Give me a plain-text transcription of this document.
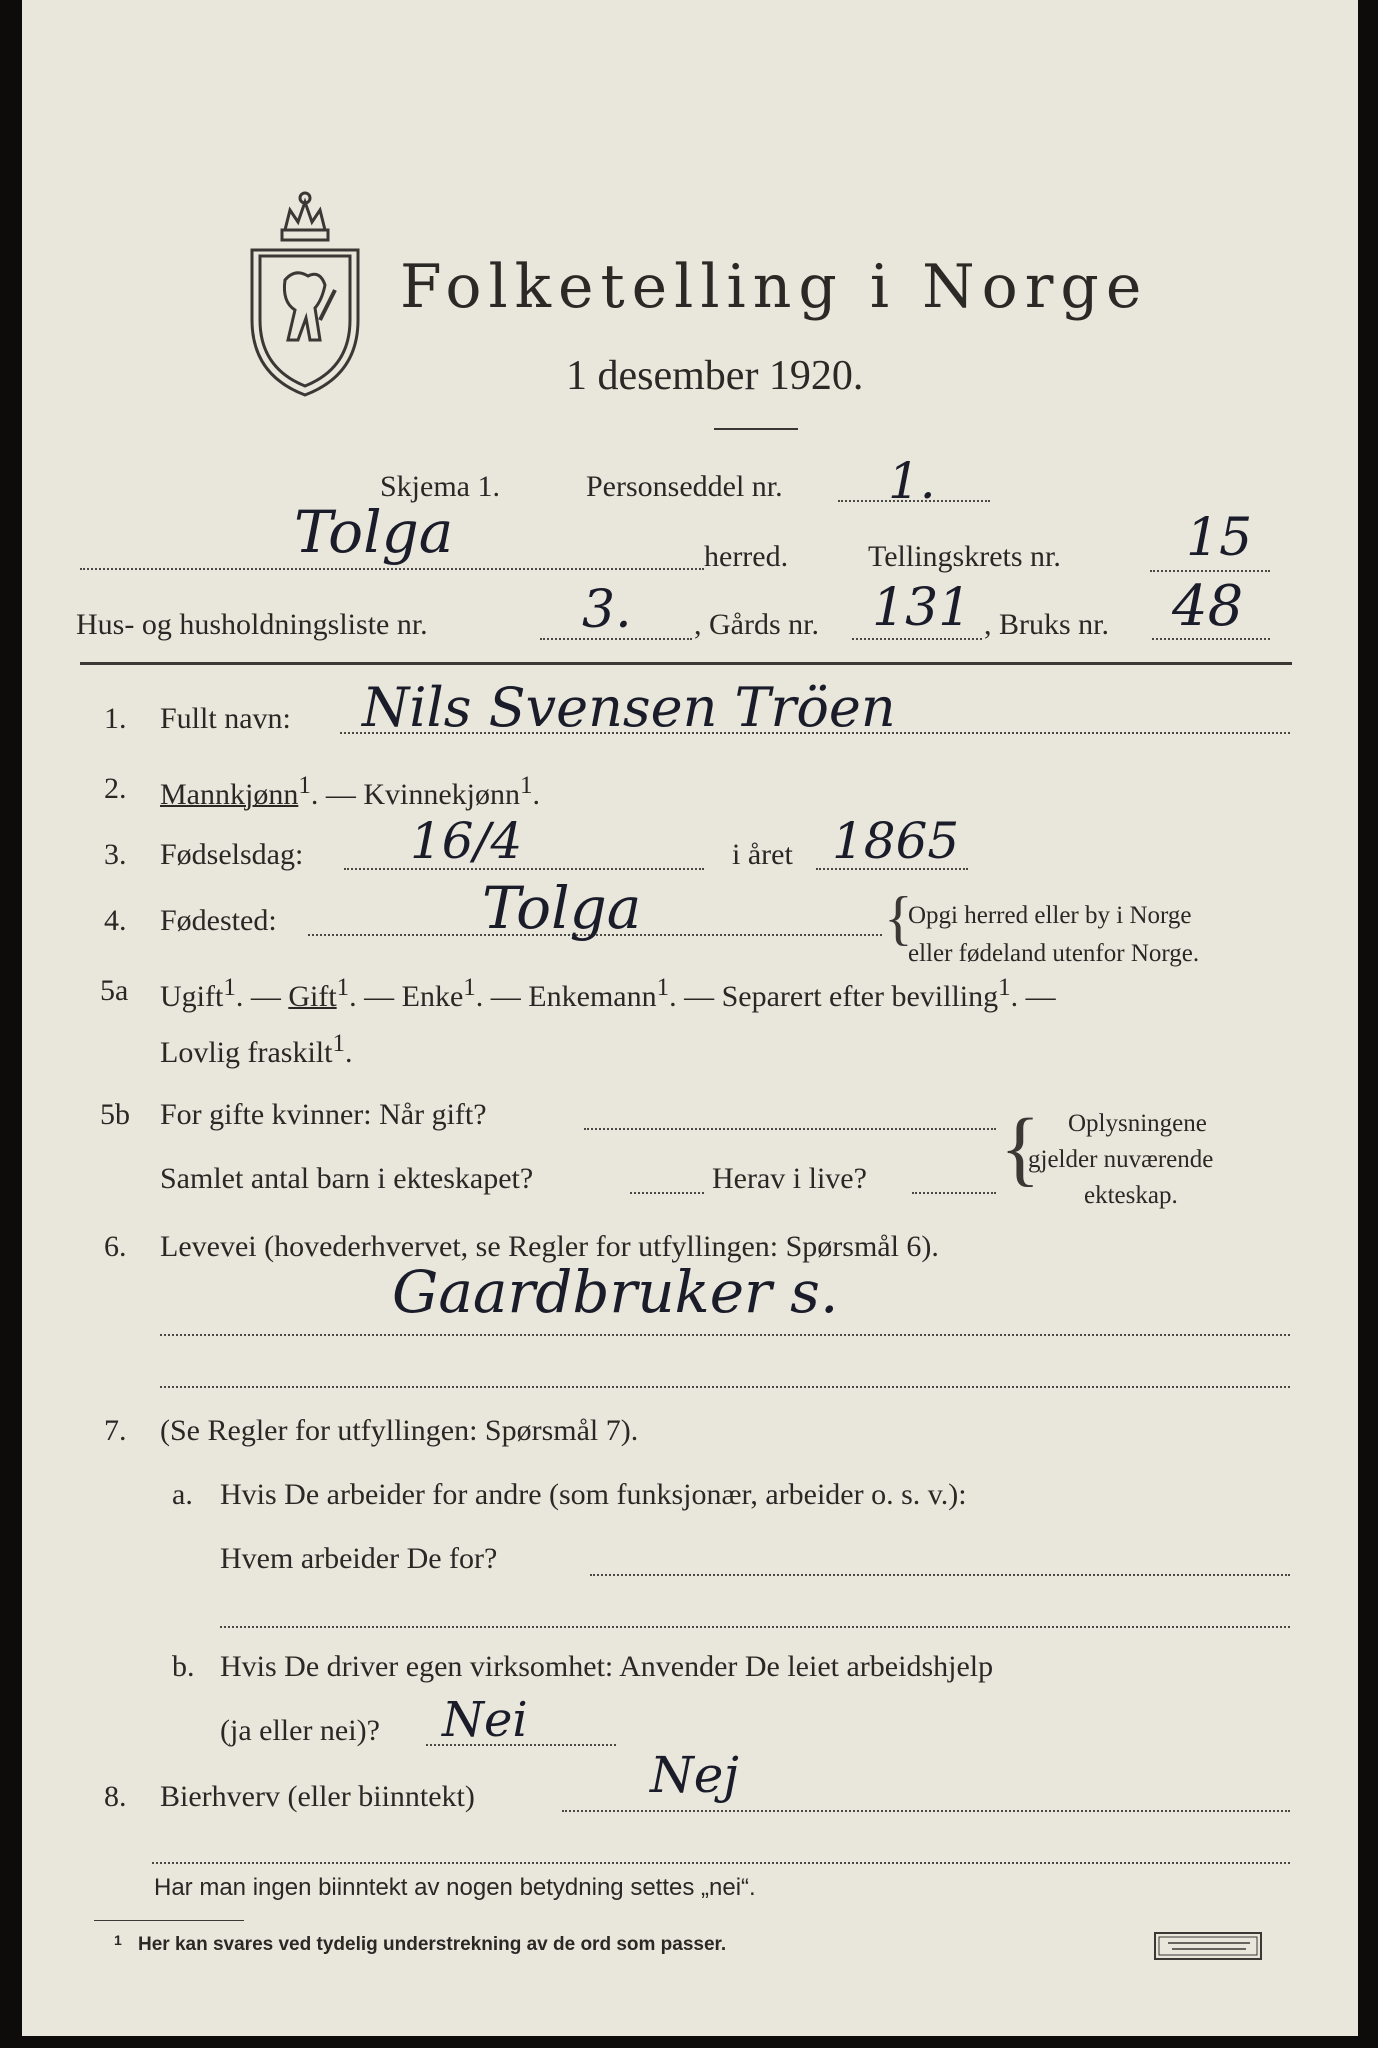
Folketelling i Norge
1 desember 1920.
Skjema 1.	Personseddel nr. 1.
Tolga	herred.	Tellingskrets nr. 15
Hus- og husholdningsliste nr.	3. , Gårds nr. 131 , Bruks nr. 48
1. Fullt navn: Nils Svensen Tröen
2. Mannkjønn$^1$. — Kvinnekjønn$^1$.
3. Fødselsdag: 16/4	i året 1865
4. Fødested:	Tolga	{
Opgi herred eller by i Norge
eller fødeland utenfor Norge.
5a Ugift$^1$. — Gift$^1$. — Enke$^1$. — Enkemann$^1$. — Separert efter bevilling$^1$. —
Lovlig fraskilt$^1$.
5b For gifte kvinner: Når gift?
Samlet antal barn i ekteskapet?	Herav i live? { Oplysningene
gjelder nuværende
ekteskap.
6. Levevei (hovederhvervet, se Regler for utfyllingen: Spørsmål 6).
Gaardbruker s.
7. (Se Regler for utfyllingen: Spørsmål 7).
a. Hvis De arbeider for andre (som funksjonær, arbeider o. s. v.):
Hvem arbeider De for?
b. Hvis De driver egen virksomhet: Anvender De leiet arbeidshjelp
(ja eller nei)? Nei
8. Bierhverv (eller biinntekt)	Nej
Har man ingen biinntekt av nogen betydning settes „nei“.
1 Her kan svares ved tydelig understrekning av de ord som passer.
